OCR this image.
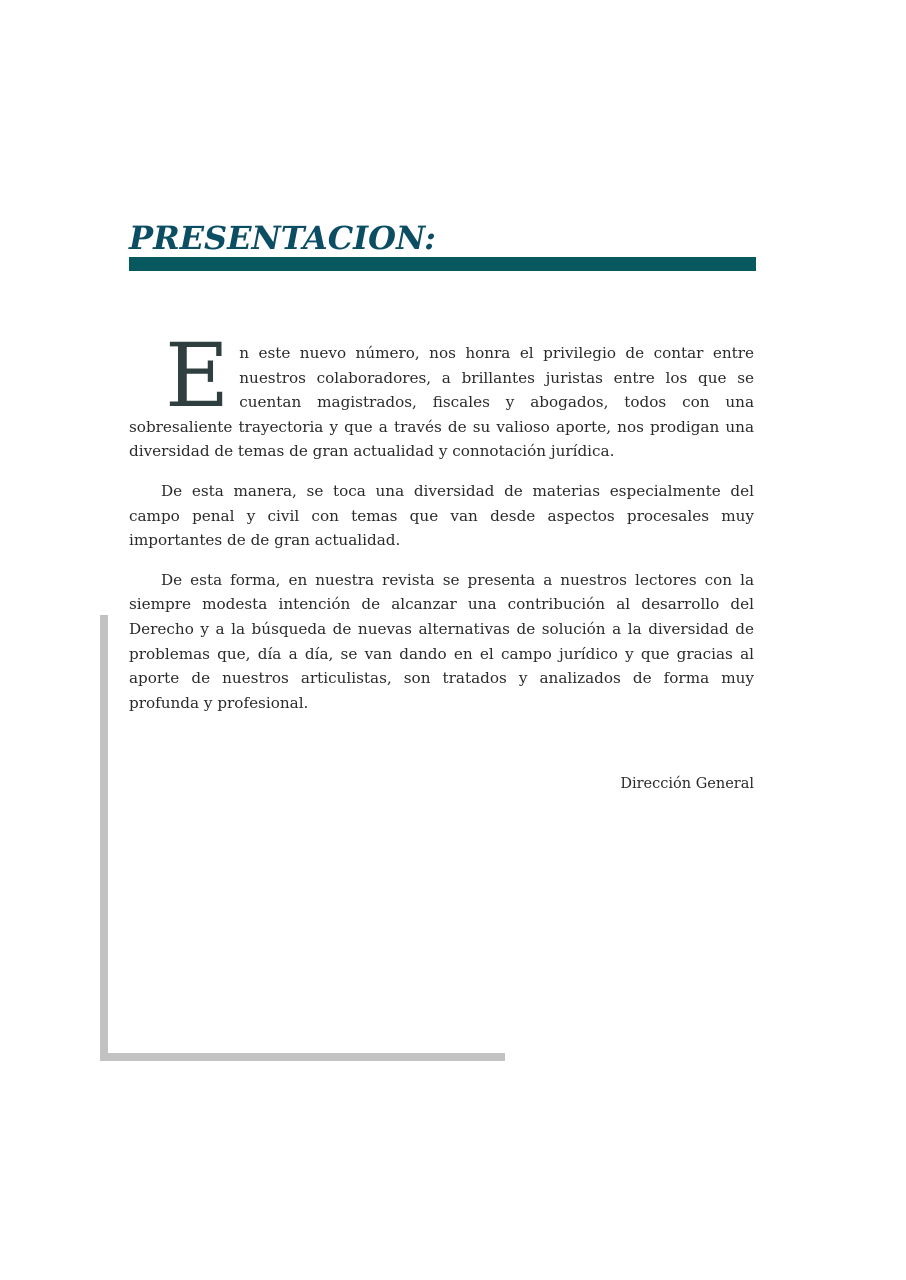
PRESENTACION:

E n este nuevo número, nos honra el privilegio de contar entre nuestros colaboradores, a brillantes juristas entre los que se cuentan magistrados, fiscales y abogados, todos con una sobresaliente trayectoria y que a través de su valioso aporte, nos prodigan una diversidad de temas de gran actualidad y connotación jurídica.

De esta manera, se toca una diversidad de materias especialmente del campo penal y civil con temas que van desde aspectos procesales muy importantes de de gran actualidad.

De esta forma, en nuestra revista se presenta a nuestros lectores con la siempre modesta intención de alcanzar una contribución al desarrollo del Derecho y a la búsqueda de nuevas alternativas de solución a la diversidad de problemas que, día a día, se van dando en el campo jurídico y que gracias al aporte de nuestros articulistas, son tratados y analizados de forma muy profunda y profesional.

Dirección General
